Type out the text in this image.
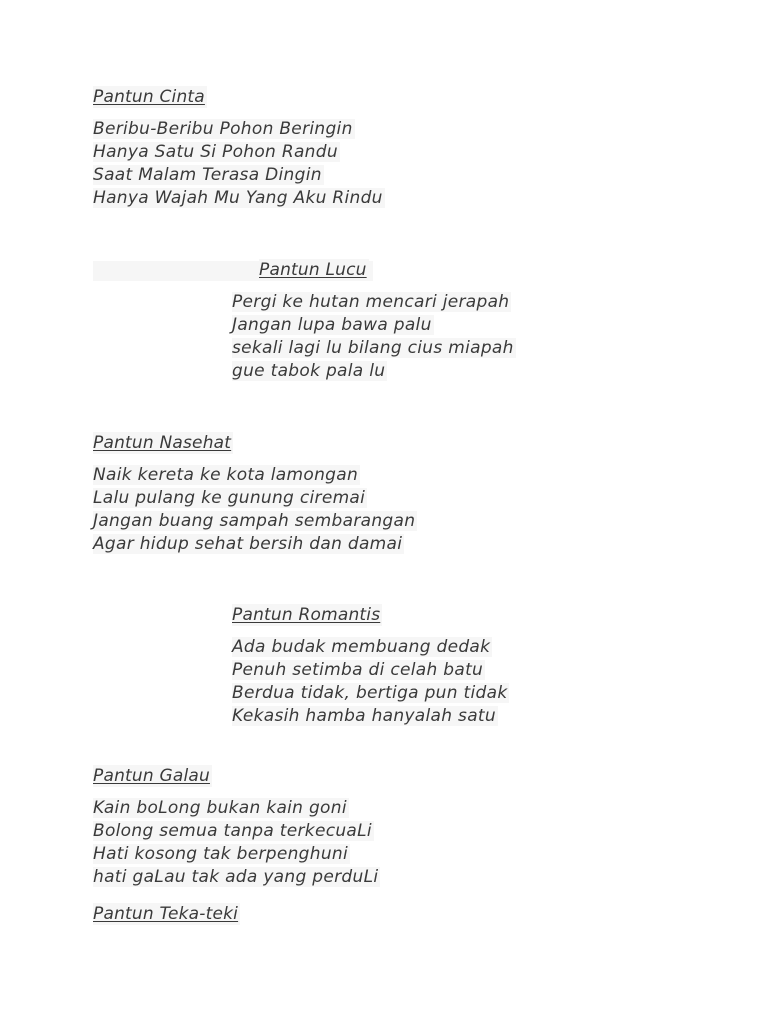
Pantun Cinta
Beribu-Beribu Pohon Beringin
Hanya Satu Si Pohon Randu
Saat Malam Terasa Dingin
Hanya Wajah Mu Yang Aku Rindu
Pantun Lucu
Pergi ke hutan mencari jerapah
Jangan lupa bawa palu
sekali lagi lu bilang cius miapah
gue tabok pala lu
Pantun Nasehat
Naik kereta ke kota lamongan
Lalu pulang ke gunung ciremai
Jangan buang sampah sembarangan
Agar hidup sehat bersih dan damai
Pantun Romantis
Ada budak membuang dedak
Penuh setimba di celah batu
Berdua tidak, bertiga pun tidak
Kekasih hamba hanyalah satu
Pantun Galau
Kain boLong bukan kain goni
Bolong semua tanpa terkecuaLi
Hati kosong tak berpenghuni
hati gaLau tak ada yang perduLi
Pantun Teka-teki
